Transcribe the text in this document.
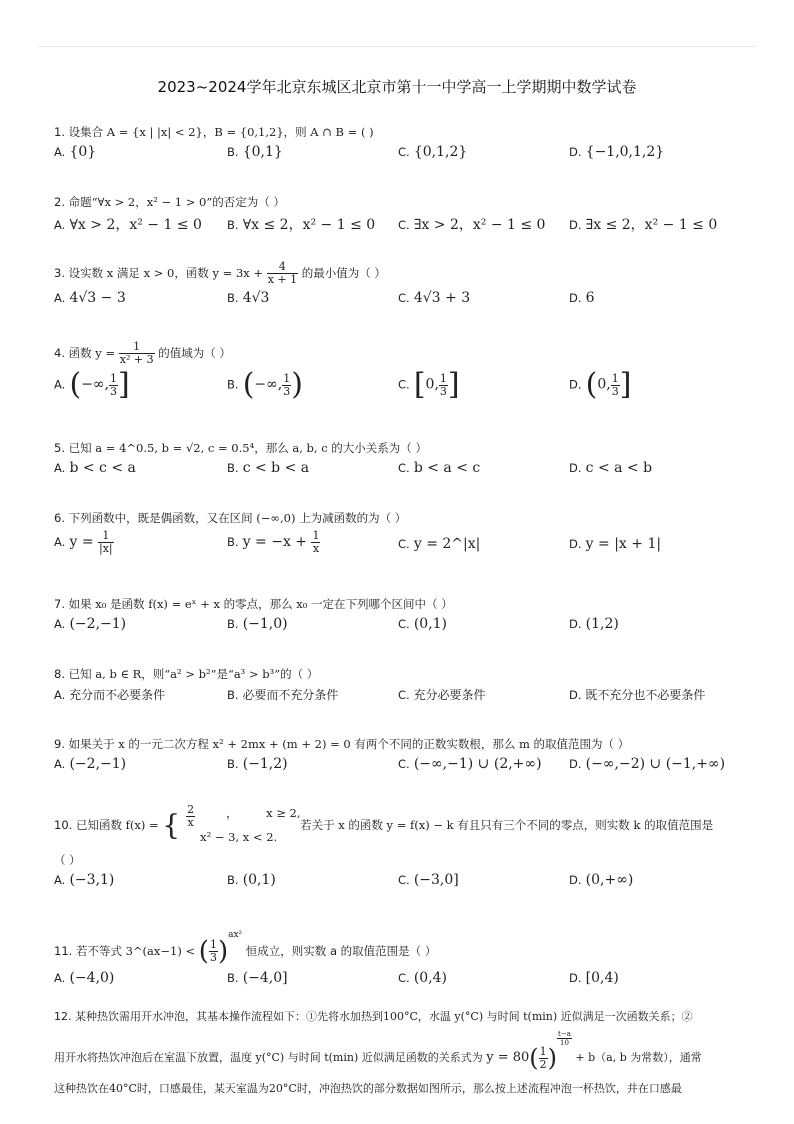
2023~2024学年北京东城区北京市第十一中学高一上学期期中数学试卷
1. 设集合 A = {x | |x| < 2}，B = {0,1,2}，则 A ∩ B = ( )
A. {0}	B. {0,1}	C. {0,1,2}	D. {−1,0,1,2}
2. 命题“∀x > 2，x² − 1 > 0”的否定为（ ）
A. ∀x > 2，x² − 1 ≤ 0 B. ∀x ≤ 2，x² − 1 ≤ 0 C. ∃x > 2，x² − 1 ≤ 0 D. ∃x ≤ 2，x² − 1 ≤ 0
3. 设实数 x 满足 x > 0，函数 $y = 3x + \frac{4}{x + 1}$ 的最小值为（ ）
A. 4√3 − 3	B. 4√3	C. 4√3 + 3	D. 6
4. 函数 $y = \frac{1}{\text{x² + 3}}$ 的值域为（ ）
A. (−∞, $\frac{1}{3}$ ]	B. (−∞, $\frac{1}{3}$ )	C. [0, $\frac{1}{3}$ ]	D. (0, $\frac{1}{3}$ ]
5. 已知 a = 4^0.5, b = √2, c = 0.5⁴，那么 a, b, c 的大小关系为（ ）
A. b < c < a	B. c < b < a	C. b < a < c	D. c < a < b
6. 下列函数中，既是偶函数，又在区间 (−∞,0) 上为减函数的为（ ）
A. $y = \frac{1}{|x|}$	B. $y = -x + \frac{1}{x}$	C. y = 2^|x|	D. y = |x + 1|
7. 如果 x₀ 是函数 f(x) = eˣ + x 的零点，那么 x₀ 一定在下列哪个区间中（ ）
A. (−2,−1)	B. (−1,0)	C. (0,1)	D. (1,2)
8. 已知 a, b ∈ R，则“a² > b²”是“a³ > b³”的（ ）
A. 充分而不必要条件	B. 必要而不充分条件	C. 充分必要条件	D. 既不充分也不必要条件
9. 如果关于 x 的一元二次方程 x² + 2mx + (m + 2) = 0 有两个不同的正数实数根，那么 m 的取值范围为（ ）
A. (−2,−1)	B. (−1,2)	C. (−∞,−1) ∪ (2,+∞) D. (−∞,−2) ∪ (−1,+∞)
10. 已知函数 f(x) = { $\frac{2}{x}$	， x ≥ 2,
x² − 3, x < 2.
若关于 x 的函数 y = f(x) − k 有且只有三个不同的零点，则实数 k 的取值范围是
（ ）
A. (−3,1)	B. (0,1)	C. (−3,0]	D. (0,+∞)
11. 若不等式 3^(ax−1) < ( $\frac{1}{3} )^{ax^2}$ 恒成立，则实数 a 的取值范围是（ ）
A. (−4,0)	B. (−4,0]	C. (0,4)	D. [0,4)
12. 某种热饮需用开水冲泡，其基本操作流程如下：①先将水加热到100°C，水温 y(°C) 与时间 t(min) 近似满足一次函数关系；②
用开水将热饮冲泡后在室温下放置，温度 y(°C) 与时间 t(min) 近似满足函数的关系式为 $y = 80( \frac{1}{2}$ )
$\frac{t-a}{10}$
+ b（a, b 为常数），通常
这种热饮在40°C时，口感最佳，某天室温为20°C时，冲泡热饮的部分数据如图所示，那么按上述流程冲泡一杯热饮，并在口感最
